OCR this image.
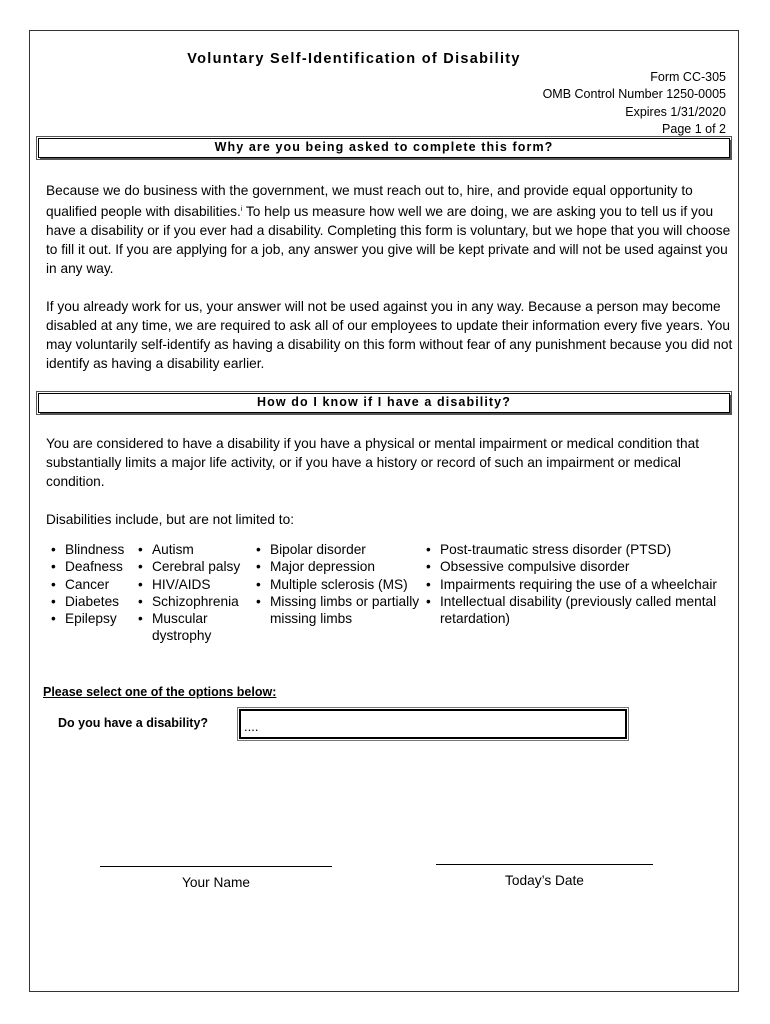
Voluntary Self-Identification of Disability
Form CC-305
OMB Control Number 1250-0005
Expires 1/31/2020
Page 1 of 2
Why are you being asked to complete this form?

Because we do business with the government, we must reach out to, hire, and provide equal opportunity to qualified people with disabilities.$^i$ To help us measure how well we are doing, we are asking you to tell us if you have a disability or if you ever had a disability. Completing this form is voluntary, but we hope that you will choose to fill it out. If you are applying for a job, any answer you give will be kept private and will not be used against you in any way.

If you already work for us, your answer will not be used against you in any way. Because a person may become disabled at any time, we are required to ask all of our employees to update their information every five years. You may voluntarily self-identify as having a disability on this form without fear of any punishment because you did not identify as having a disability earlier.

How do I know if I have a disability?

You are considered to have a disability if you have a physical or mental impairment or medical condition that substantially limits a major life activity, or if you have a history or record of such an impairment or medical condition.

Disabilities include, but are not limited to:

• Blindness
• Deafness
• Cancer
• Diabetes
• Epilepsy
• Autism
• Cerebral palsy
• HIV/AIDS
• Schizophrenia
• Muscular dystrophy
• Bipolar disorder
• Major depression
• Multiple sclerosis (MS)
• Missing limbs or partially missing limbs
• Post-traumatic stress disorder (PTSD)
• Obsessive compulsive disorder
• Impairments requiring the use of a wheelchair
• Intellectual disability (previously called mental retardation)
Please select one of the options below:
Do you have a disability?	....
Your Name	Today’s Date
